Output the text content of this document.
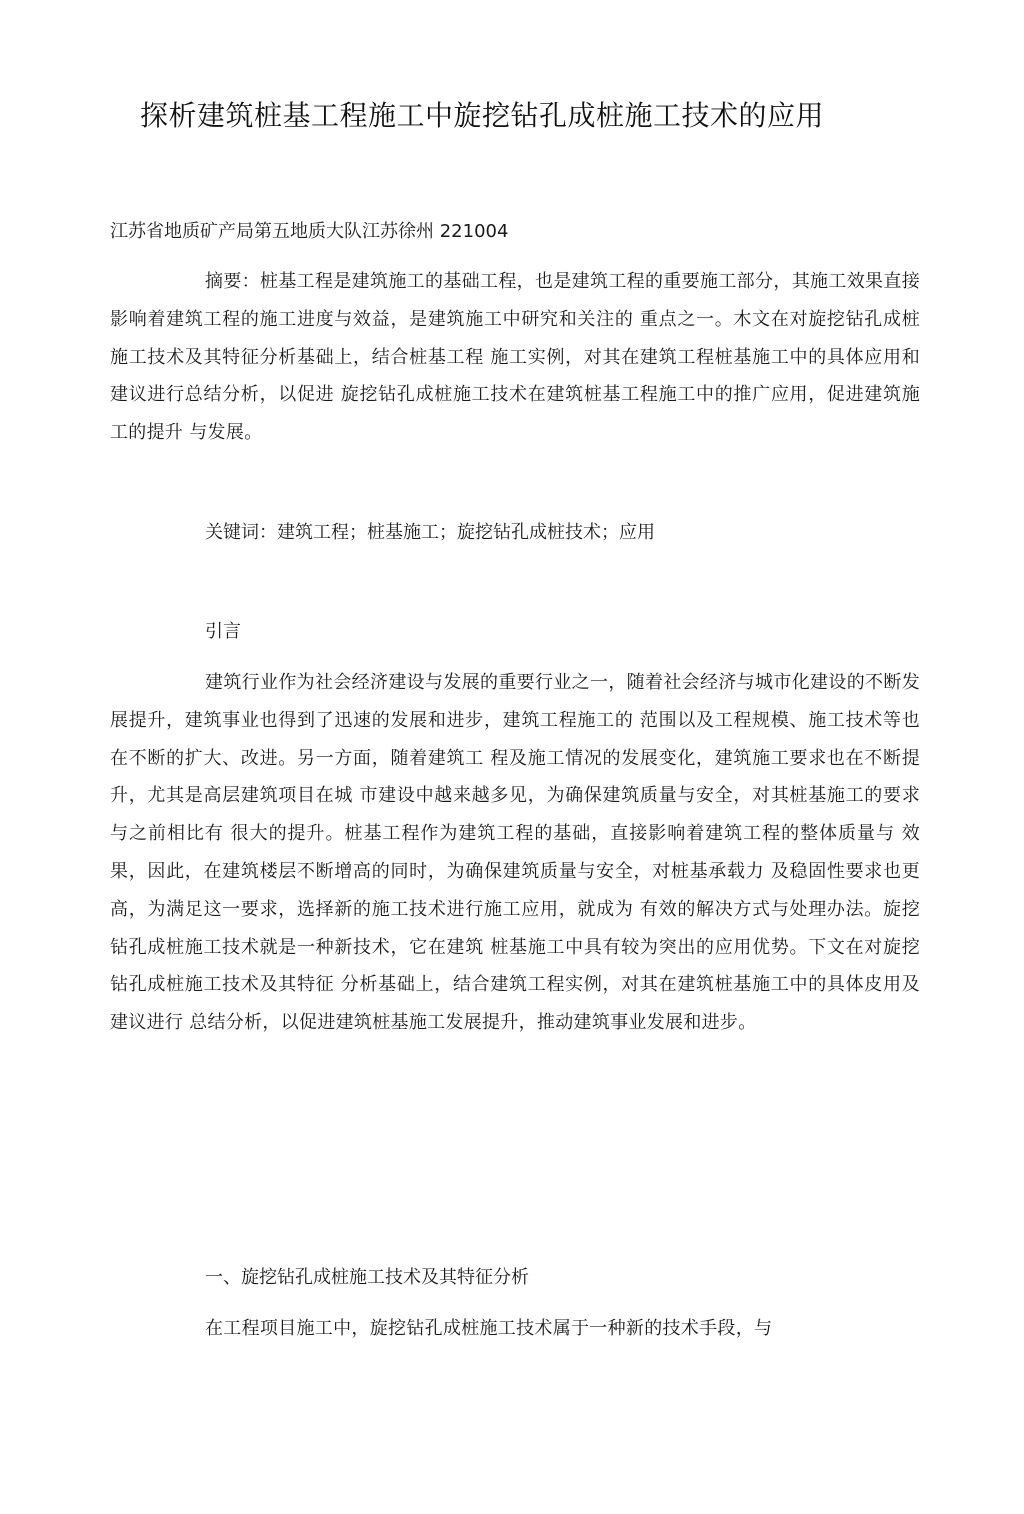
探析建筑桩基工程施工中旋挖钻孔成桩施工技术的应用
江苏省地质矿产局第五地质大队江苏徐州 221004
摘要：桩基工程是建筑施工的基础工程，也是建筑工程的重要施工部分，其施工效果直接影响着建筑工程的施工进度与效益，是建筑施工中研究和关注的 重点之一。木文在对旋挖钻孔成桩施工技术及其特征分析基础上，结合桩基工程 施工实例，对其在建筑工程桩基施工中的具体应用和建议进行总结分析，以促进 旋挖钻孔成桩施工技术在建筑桩基工程施工中的推广应用，促进建筑施工的提升 与发展。
关键词：建筑工程；桩基施工；旋挖钻孔成桩技术；应用
引言
建筑行业作为社会经济建设与发展的重要行业之一，随着社会经济与城市化建设的不断发展提升，建筑事业也得到了迅速的发展和进步，建筑工程施工的 范围以及工程规模、施工技术等也在不断的扩大、改进。另一方面，随着建筑工 程及施工情况的发展变化，建筑施工要求也在不断提升，尤其是高层建筑项目在城 市建设中越来越多见，为确保建筑质量与安全，对其桩基施工的要求与之前相比有 很大的提升。桩基工程作为建筑工程的基础，直接影响着建筑工程的整体质量与 效果，因此，在建筑楼层不断增高的同时，为确保建筑质量与安全，对桩基承载力 及稳固性要求也更高，为满足这一要求，选择新的施工技术进行施工应用，就成为 有效的解决方式与处理办法。旋挖钻孔成桩施工技术就是一种新技术，它在建筑 桩基施工中具有较为突出的应用优势。下文在对旋挖钻孔成桩施工技术及其特征 分析基础上，结合建筑工程实例，对其在建筑桩基施工中的具体皮用及建议进行 总结分析，以促进建筑桩基施工发展提升，推动建筑事业发展和进步。
一、旋挖钻孔成桩施工技术及其特征分析
在工程项目施工中，旋挖钻孔成桩施工技术属于一种新的技术手段，与
